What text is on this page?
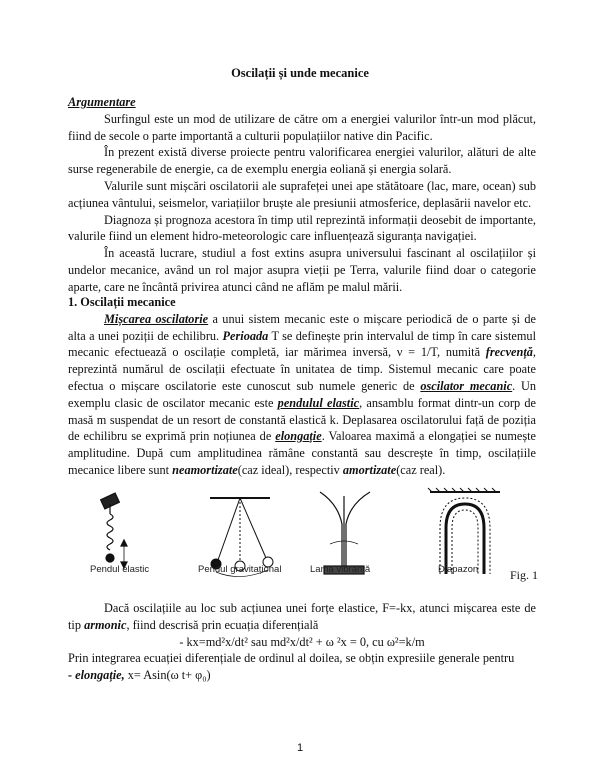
Oscilații și unde mecanice

Argumentare

Surfingul este un mod de utilizare de către om a energiei valurilor într-un mod plăcut, fiind de secole o parte importantă a culturii populațiilor native din Pacific.

În prezent există diverse proiecte pentru valorificarea energiei valurilor, alături de alte surse regenerabile de energie, ca de exemplu energia eoliană și energia solară.

Valurile sunt mișcări oscilatorii ale suprafeței unei ape stătătoare (lac, mare, ocean) sub acțiunea vântului, seismelor, variațiilor bruște ale presiunii atmosferice, deplasării navelor etc.

Diagnoza și prognoza acestora în timp util reprezintă informații deosebit de importante, valurile fiind un element hidro-meteorologic care influențează siguranța navigației.

În această lucrare, studiul a fost extins asupra universului fascinant al oscilațiilor și undelor mecanice, având un rol major asupra vieții pe Terra, valurile fiind doar o categorie aparte, care ne încântă privirea atunci când ne aflăm pe malul mării.

1. Oscilații mecanice

Mișcarea oscilatorie a unui sistem mecanic este o mișcare periodică de o parte și de alta a unei poziții de echilibru. Perioada T se definește prin intervalul de timp în care sistemul mecanic efectuează o oscilație completă, iar mărimea inversă, ν = 1/T, numită frecvență, reprezintă numărul de oscilații efectuate în unitatea de timp. Sistemul mecanic care poate efectua o mișcare oscilatorie este cunoscut sub numele generic de oscilator mecanic. Un exemplu clasic de oscilator mecanic este pendulul elastic, ansamblu format dintr-un corp de masă m suspendat de un resort de constantă elastică k. Deplasarea oscilatorului față de poziția de echilibru se exprimă prin noțiunea de elongație. Valoarea maximă a elongației se numește amplitudine. După cum amplitudinea rămâne constantă sau descrește în timp, oscilațiile mecanice libere sunt neamortizate(caz ideal), respectiv amortizate(caz real).

Pendul elastic	Pendul gravitațional	Lamă vibrantă	Diapazon	Fig. 1

Dacă oscilațiile au loc sub acțiunea unei forțe elastice, F=-kx, atunci mișcarea este de tip armonic, fiind descrisă prin ecuația diferențială

- kx=md²x/dt² sau md²x/dt² + ω ²x = 0, cu ω²=k/m

Prin integrarea ecuației diferențiale de ordinul al doilea, se obțin expresiile generale pentru

- elongație, x= Asin(ω t+ φ₀)

1
